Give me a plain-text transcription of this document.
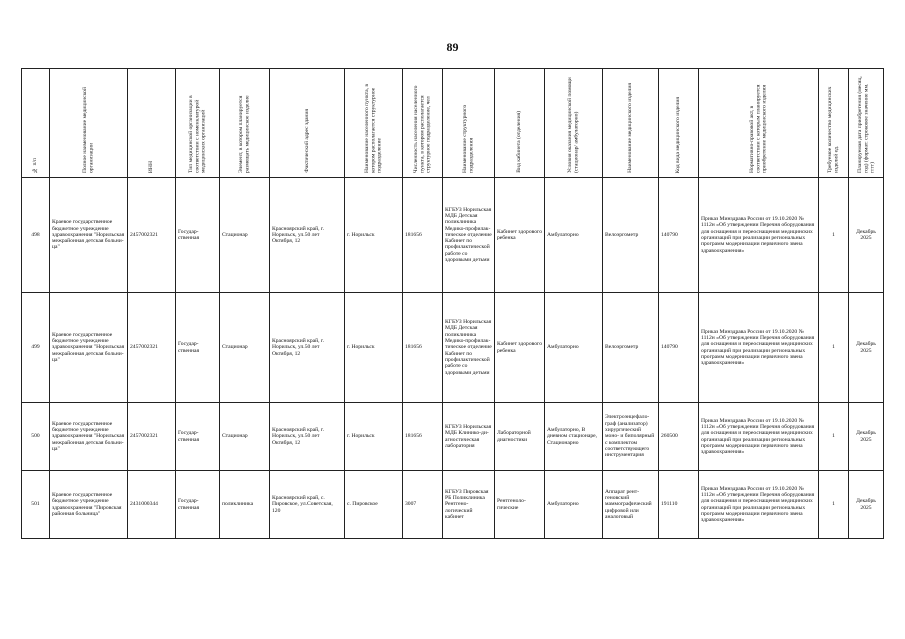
89
№ п/п	Полное наименование медицинской организации	ИНН	Тип медицинской организации в соответствии с номенклатурой медицинских организаций	Элемент, в котором планируется размещать медицинское изделие	Фактический адрес здания	Наименование населенного пункта, в котором располагается структурное подразделение	Численность населения населенного пункта, в котором располагается структурное подразделение, чел	Наименование структурного подразделения	Вид кабинета (отделения)	Условия оказания медицинской помощи (стационар/ амбулаторно)	Наименование медицинского изделия	Код вида медицинского изделия	Нормативно-правовой акт, в соответствии с которым планируется приобретение медицинского изделия	Требуемое количество медицинских изделий ед.	Планируемая дата приобретения (месяц, год) (формат: строковое значение мм. гггг)

498	Краевое государственное бюджетное учреждение здравоохранения "Норильская межрайонная детская больница"	2457002321	Государственная	Стационар	Красноярский край, г. Норильск, ул.50 лет Октября, 12	г. Норильск	181656	КГБУЗ Норильская МДБ Детская поликлиника Медико-профилактическое отделение Кабинет по профилактической работе со здоровыми детьми	Кабинет здорового ребенка	Амбулаторно	Велоэргометр	140790	Приказ Минздрава России от 19.10.2020 № 1112н «Об утверждении Перечня оборудования для оснащения и переоснащения медицинских организаций при реализации региональных программ модернизации первичного звена здравоохранения»	1	Декабрь 2025
499	Краевое государственное бюджетное учреждение здравоохранения "Норильская межрайонная детская больница"	2457002321	Государственная	Стационар	Красноярский край, г. Норильск, ул.50 лет Октября, 12	г. Норильск	181656	КГБУЗ Норильская МДБ Детская поликлиника Медико-профилактическое отделение Кабинет по профилактической работе со здоровыми детьми	Кабинет здорового ребенка	Амбулаторно	Велоэргометр	140790	Приказ Минздрава России от 19.10.2020 № 1112н «Об утверждении Перечня оборудования для оснащения и переоснащения медицинских организаций при реализации региональных программ модернизации первичного звена здравоохранения»	1	Декабрь 2025
500	Краевое государственное бюджетное учреждение здравоохранения "Норильская межрайонная детская больница"	2457002321	Государственная	Стационар	Красноярский край, г. Норильск, ул.50 лет Октября, 12	г. Норильск	181656	КГБУЗ Норильская МДБ Клинико-диагностическая лаборатория	Лабораторной диагностики	Амбулаторно, В дневном стационаре, Стационарно	Электроэнцефалограф (анализатор) хирургический моно- и биполярный с комплектом соответствующего инструментария	260500	Приказ Минздрава России от 19.10.2020 № 1112н «Об утверждении Перечня оборудования для оснащения и переоснащения медицинских организаций при реализации региональных программ модернизации первичного звена здравоохранения»	1	Декабрь 2025
501	Краевое государственное бюджетное учреждение здравоохранения "Пировская районная больница"	2431000344	Государственная	поликлиника	Красноярский край, с. Пировское, ул.Советская, 120	с. Пировское	3007	КГБУЗ Пировская РБ Поликлиника Рентгенологический кабинет	Рентгенологические	Амбулаторно	Аппарат рентгеновский маммографический цифровой или аналоговый	191110	Приказ Минздрава России от 19.10.2020 № 1112н «Об утверждении Перечня оборудования для оснащения и переоснащения медицинских организаций при реализации региональных программ модернизации первичного звена здравоохранения»	1	Декабрь 2025
